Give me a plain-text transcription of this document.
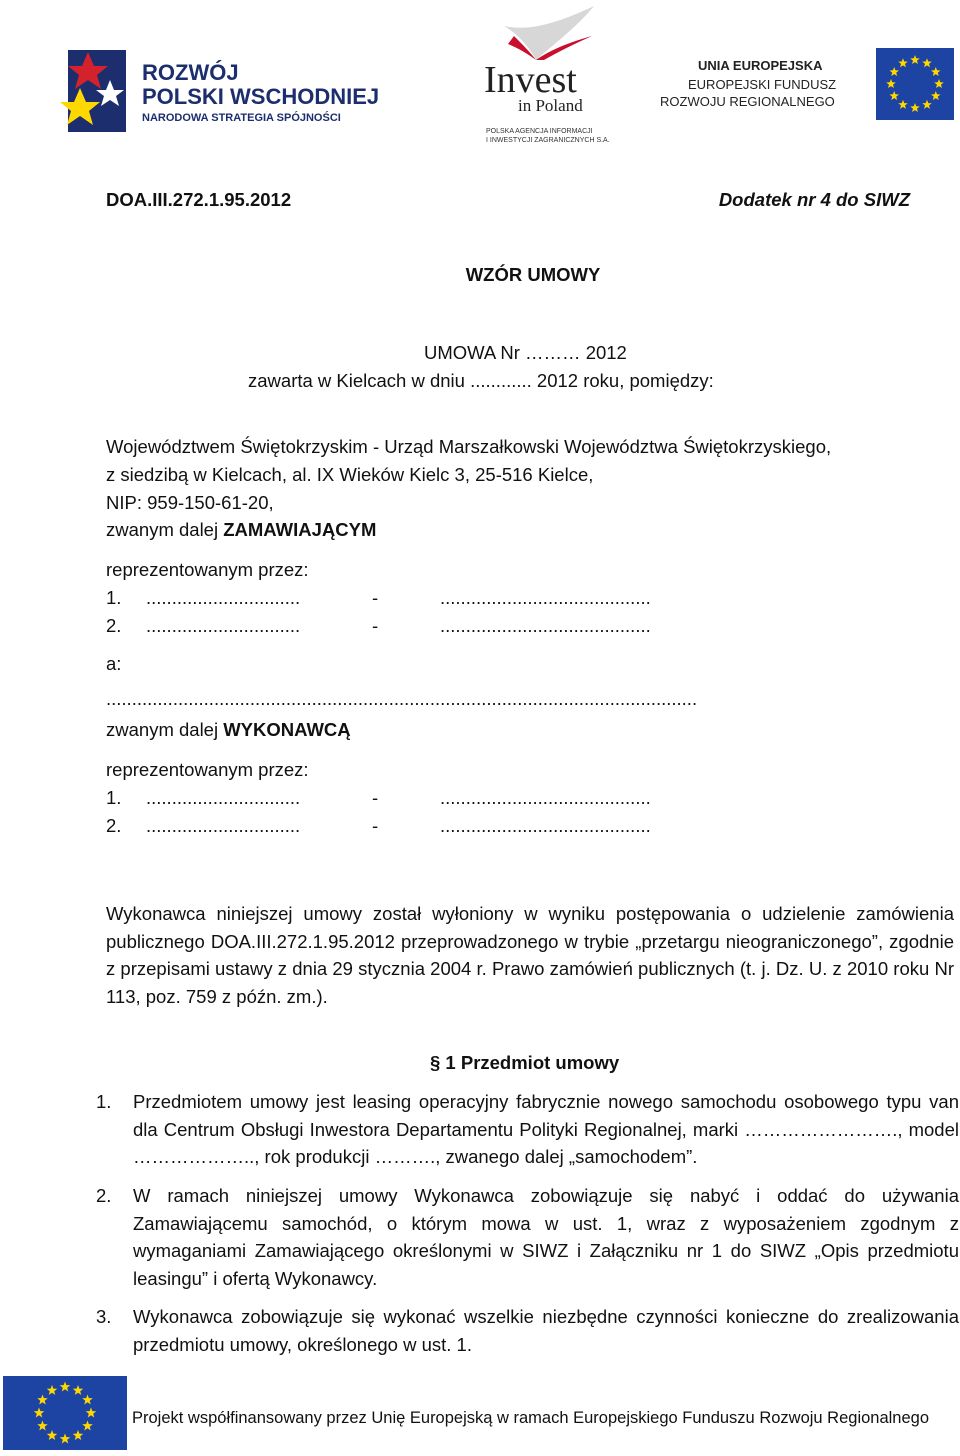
ROZWÓJ
POLSKI WSCHODNIEJ
NARODOWA STRATEGIA SPÓJNOŚCI
Invest
in Poland
POLSKA AGENCJA INFORMACJI
I INWESTYCJI ZAGRANICZNYCH S.A.
UNIA EUROPEJSKA
EUROPEJSKI FUNDUSZ
ROZWOJU REGIONALNEGO
DOA.III.272.1.95.2012	Dodatek nr 4 do SIWZ
WZÓR UMOWY
UMOWA Nr ……… 2012
zawarta w Kielcach w dniu ............ 2012 roku, pomiędzy:
Województwem Świętokrzyskim - Urząd Marszałkowski Województwa Świętokrzyskiego,
z siedzibą w Kielcach, al. IX Wieków Kielc 3, 25-516 Kielce,
NIP: 959-150-61-20,
zwanym dalej ZAMAWIAJĄCYM
reprezentowanym przez:
1. ..............................	-	.........................................
2. ..............................	-	.........................................
a:
...................................................................................................................
zwanym dalej WYKONAWCĄ
reprezentowanym przez:
1. ..............................	-	.........................................
2. ..............................	-	.........................................
Wykonawca niniejszej umowy został wyłoniony w wyniku postępowania o udzielenie zamówienia publicznego DOA.III.272.1.95.2012 przeprowadzonego w trybie „przetargu nieograniczonego”, zgodnie z przepisami ustawy z dnia 29 stycznia 2004 r. Prawo zamówień publicznych (t. j. Dz. U. z 2010 roku Nr 113, poz. 759 z późn. zm.).
§ 1 Przedmiot umowy
1. Przedmiotem umowy jest leasing operacyjny fabrycznie nowego samochodu osobowego typu van dla Centrum Obsługi Inwestora Departamentu Polityki Regionalnej, marki ……………………., model ……………….., rok produkcji ………., zwanego dalej „samochodem”.
2. W ramach niniejszej umowy Wykonawca zobowiązuje się nabyć i oddać do używania Zamawiającemu samochód, o którym mowa w ust. 1, wraz z wyposażeniem zgodnym z wymaganiami Zamawiającego określonymi w SIWZ i Załączniku nr 1 do SIWZ „Opis przedmiotu leasingu” i ofertą Wykonawcy.
3. Wykonawca zobowiązuje się wykonać wszelkie niezbędne czynności konieczne do zrealizowania przedmiotu umowy, określonego w ust. 1.
Projekt współfinansowany przez Unię Europejską w ramach Europejskiego Funduszu Rozwoju Regionalnego
